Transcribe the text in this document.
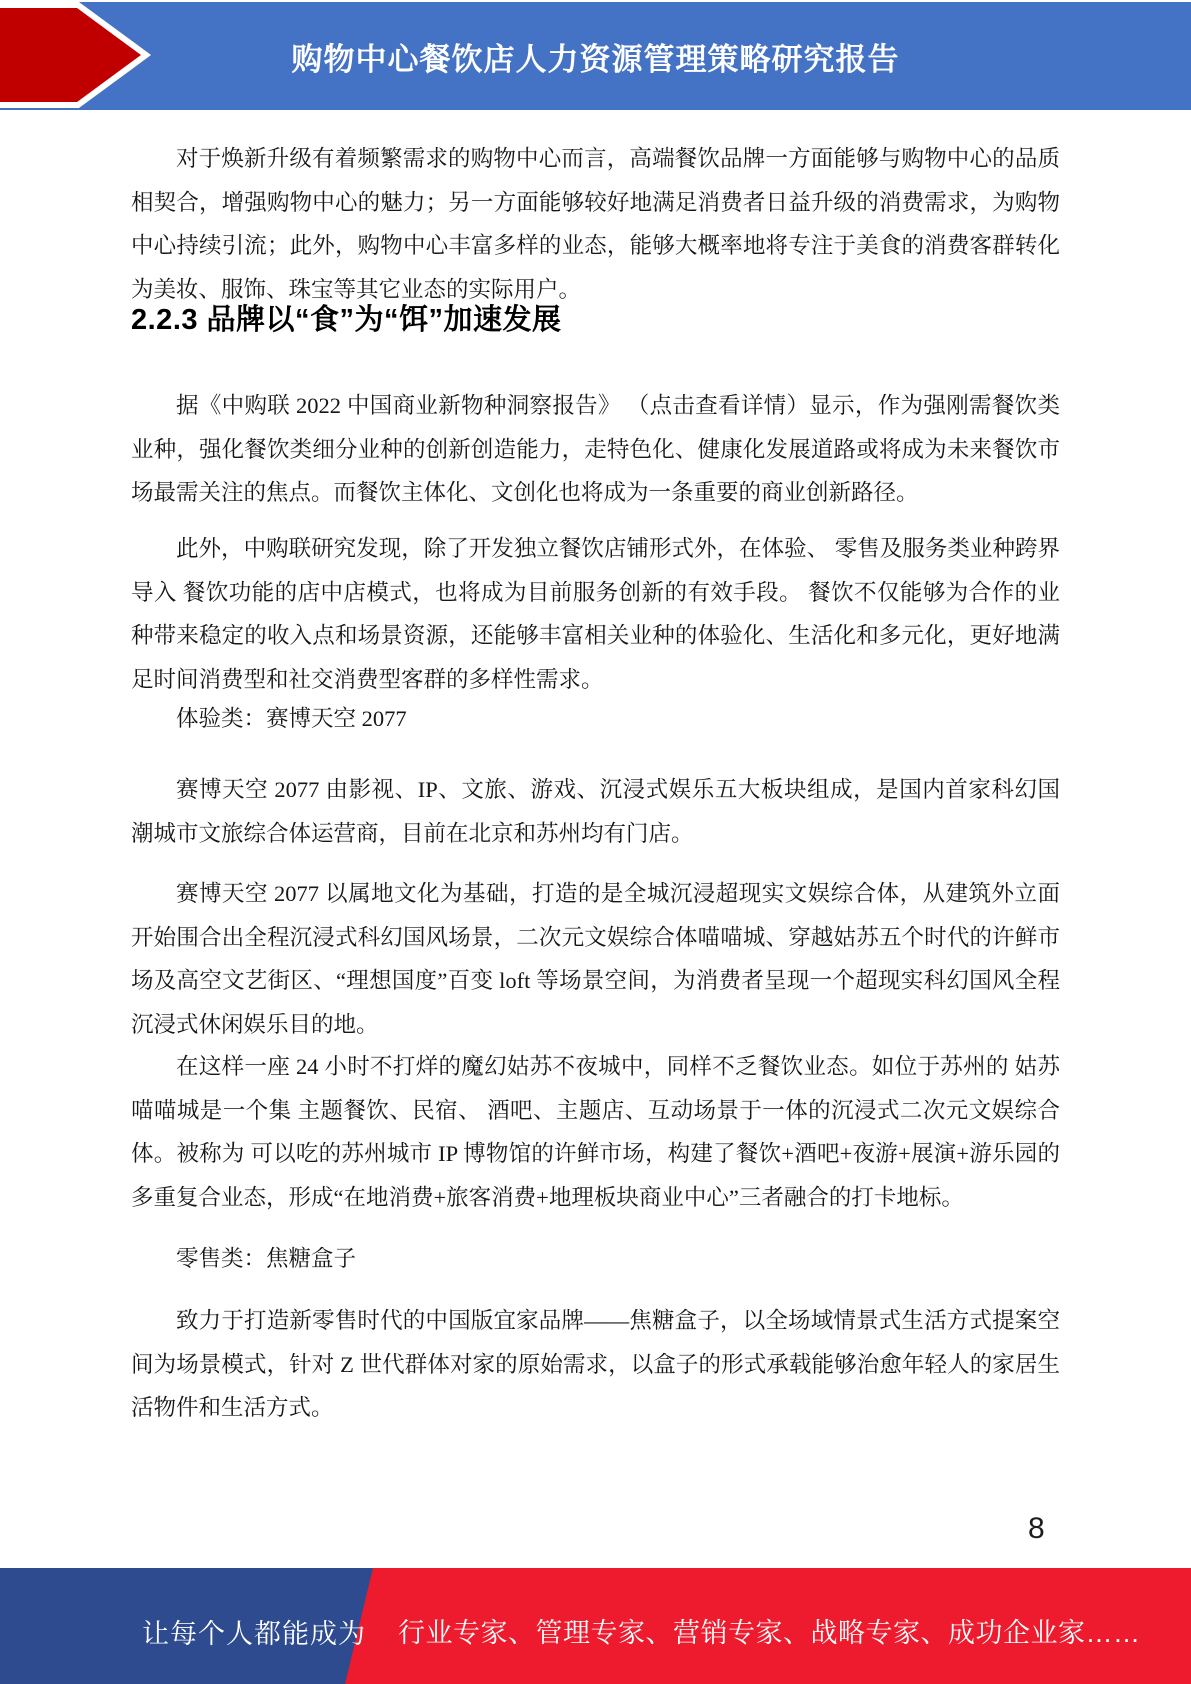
购物中心餐饮店人力资源管理策略研究报告

对于焕新升级有着频繁需求的购物中心而言，高端餐饮品牌一方面能够与购物中心的品质相契合，增强购物中心的魅力；另一方面能够较好地满足消费者日益升级的消费需求，为购物中心持续引流；此外，购物中心丰富多样的业态，能够大概率地将专注于美食的消费客群转化为美妆、服饰、珠宝等其它业态的实际用户。

2.2.3 品牌以“食”为“饵”加速发展

据《中购联 2022 中国商业新物种洞察报告》 （点击查看详情）显示，作为强刚需餐饮类业种，强化餐饮类细分业种的创新创造能力，走特色化、健康化发展道路或将成为未来餐饮市场最需关注的焦点。而餐饮主体化、文创化也将成为一条重要的商业创新路径。

此外，中购联研究发现，除了开发独立餐饮店铺形式外，在体验、 零售及服务类业种跨界导入 餐饮功能的店中店模式，也将成为目前服务创新的有效手段。 餐饮不仅能够为合作的业种带来稳定的收入点和场景资源，还能够丰富相关业种的体验化、生活化和多元化，更好地满足时间消费型和社交消费型客群的多样性需求。

体验类：赛博天空 2077

赛博天空 2077 由影视、IP、文旅、游戏、沉浸式娱乐五大板块组成，是国内首家科幻国潮城市文旅综合体运营商，目前在北京和苏州均有门店。

赛博天空 2077 以属地文化为基础，打造的是全城沉浸超现实文娱综合体，从建筑外立面开始围合出全程沉浸式科幻国风场景，二次元文娱综合体喵喵城、穿越姑苏五个时代的许鲜市场及高空文艺街区、“理想国度”百变 loft 等场景空间，为消费者呈现一个超现实科幻国风全程沉浸式休闲娱乐目的地。

在这样一座 24 小时不打烊的魔幻姑苏不夜城中，同样不乏餐饮业态。如位于苏州的 姑苏喵喵城是一个集 主题餐饮、民宿、 酒吧、主题店、互动场景于一体的沉浸式二次元文娱综合体。被称为 可以吃的苏州城市 IP 博物馆的许鲜市场，构建了餐饮+酒吧+夜游+展演+游乐园的多重复合业态，形成“在地消费+旅客消费+地理板块商业中心”三者融合的打卡地标。

零售类：焦糖盒子

致力于打造新零售时代的中国版宜家品牌——焦糖盒子，以全场域情景式生活方式提案空间为场景模式，针对 Z 世代群体对家的原始需求，以盒子的形式承载能够治愈年轻人的家居生活物件和生活方式。

8
让每个人都能成为 行业专家、管理专家、营销专家、战略专家、成功企业家……
